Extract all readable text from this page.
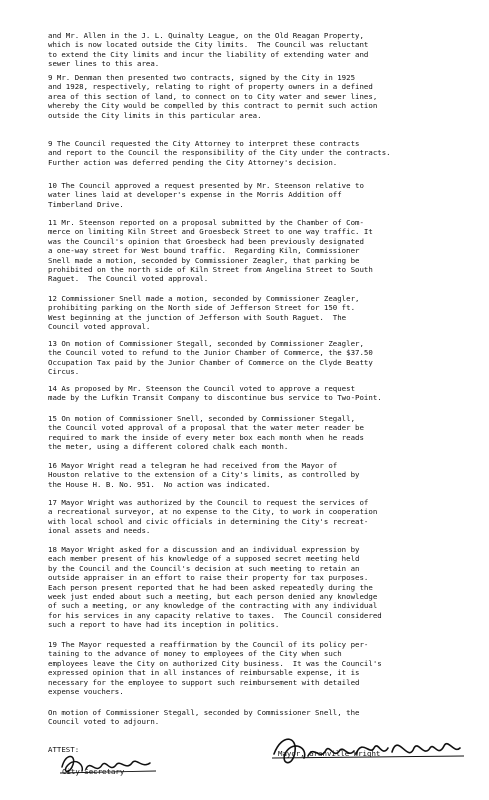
and Mr. Allen in the J. L. Quinalty League, on the Old Reagan Property,
which is now located outside the City limits.  The Council was reluctant
to extend the City limits and incur the liability of extending water and
sewer lines to this area.

9 Mr. Denman then presented two contracts, signed by the City in 1925
and 1928, respectively, relating to right of property owners in a defined
area of this section of land, to connect on to City water and sewer lines,
whereby the City would be compelled by this contract to permit such action
outside the City limits in this particular area.

9 The Council requested the City Attorney to interpret these contracts
and report to the Council the responsibility of the City under the contracts.
Further action was deferred pending the City Attorney's decision.

10 The Council approved a request presented by Mr. Steenson relative to
water lines laid at developer's expense in the Morris Addition off
Timberland Drive.

11 Mr. Steenson reported on a proposal submitted by the Chamber of Com-
merce on limiting Kiln Street and Groesbeck Street to one way traffic. It
was the Council's opinion that Groesbeck had been previously designated
a one-way street for West bound traffic.  Regarding Kiln, Commissioner
Snell made a motion, seconded by Commissioner Zeagler, that parking be
prohibited on the north side of Kiln Street from Angelina Street to South
Raguet.  The Council voted approval.

12 Commissioner Snell made a motion, seconded by Commissioner Zeagler,
prohibiting parking on the North side of Jefferson Street for 150 ft.
West beginning at the junction of Jefferson with South Raguet.  The
Council voted approval.

13 On motion of Commissioner Stegall, seconded by Commissioner Zeagler,
the Council voted to refund to the Junior Chamber of Commerce, the $37.50
Occupation Tax paid by the Junior Chamber of Commerce on the Clyde Beatty
Circus.

14 As proposed by Mr. Steenson the Council voted to approve a request
made by the Lufkin Transit Company to discontinue bus service to Two-Point.

15 On motion of Commissioner Snell, seconded by Commissioner Stegall,
the Council voted approval of a proposal that the water meter reader be
required to mark the inside of every meter box each month when he reads
the meter, using a different colored chalk each month.

16 Mayor Wright read a telegram he had received from the Mayor of
Houston relative to the extension of a City's limits, as controlled by
the House H. B. No. 951.  No action was indicated.

17 Mayor Wright was authorized by the Council to request the services of
a recreational surveyor, at no expense to the City, to work in cooperation
with local school and civic officials in determining the City's recreat-
ional assets and needs.

18 Mayor Wright asked for a discussion and an individual expression by
each member present of his knowledge of a supposed secret meeting held
by the Council and the Council's decision at such meeting to retain an
outside appraiser in an effort to raise their property for tax purposes.
Each person present reported that he had been asked repeatedly during the
week just ended about such a meeting, but each person denied any knowledge
of such a meeting, or any knowledge of the contracting with any individual
for his services in any capacity relative to taxes.  The Council considered
such a report to have had its inception in politics.

19 The Mayor requested a reaffirmation by the Council of its policy per-
taining to the advance of money to employees of the City when such
employees leave the City on authorized City business.  It was the Council's
expressed opinion that in all instances of reimbursable expense, it is
necessary for the employee to support such reimbursement with detailed
expense vouchers.

On motion of Commissioner Stegall, seconded by Commissioner Snell, the
Council voted to adjourn.

Mayor, Granville Wright
ATTEST:
City Secretary
